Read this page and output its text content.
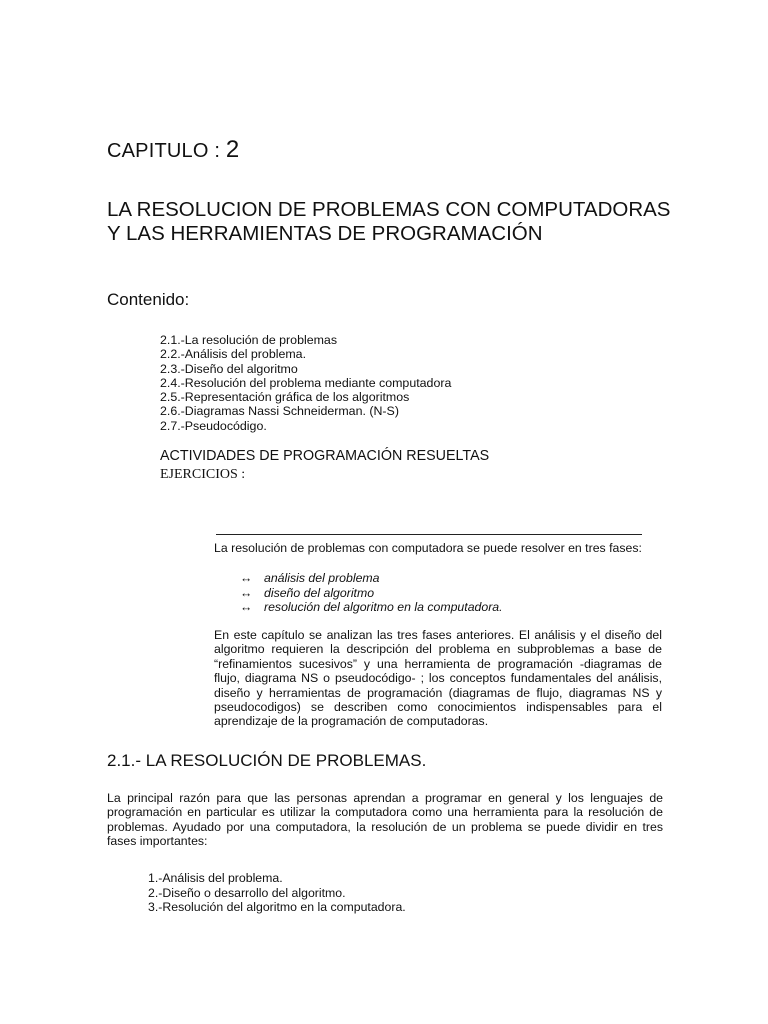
CAPITULO : 2
LA RESOLUCION DE PROBLEMAS CON COMPUTADORAS
Y LAS HERRAMIENTAS DE PROGRAMACIÓN
Contenido:
2.1.-La resolución de problemas
2.2.-Análisis del problema.
2.3.-Diseño del algoritmo
2.4.-Resolución del problema mediante computadora
2.5.-Representación gráfica de los algoritmos
2.6.-Diagramas Nassi Schneiderman. (N-S)
2.7.-Pseudocódigo.
ACTIVIDADES DE PROGRAMACIÓN RESUELTAS
EJERCICIOS :
La resolución de problemas con computadora se puede resolver en tres fases:
↔ análisis del problema
↔ diseño del algoritmo
↔ resolución del algoritmo en la computadora.

En este capítulo se analizan las tres fases anteriores. El análisis y el diseño del algoritmo requieren la descripción del problema en subproblemas a base de “refinamientos sucesivos” y una herramienta de programación -diagramas de flujo, diagrama NS o pseudocódigo- ; los conceptos fundamentales del análisis, diseño y herramientas de programación (diagramas de flujo, diagramas NS y pseudocodigos) se describen como conocimientos indispensables para el aprendizaje de la programación de computadoras.

2.1.- LA RESOLUCIÓN DE PROBLEMAS.

La principal razón para que las personas aprendan a programar en general y los lenguajes de programación en particular es utilizar la computadora como una herramienta para la resolución de problemas. Ayudado por una computadora, la resolución de un problema se puede dividir en tres fases importantes:

1.-Análisis del problema.
2.-Diseño o desarrollo del algoritmo.
3.-Resolución del algoritmo en la computadora.
